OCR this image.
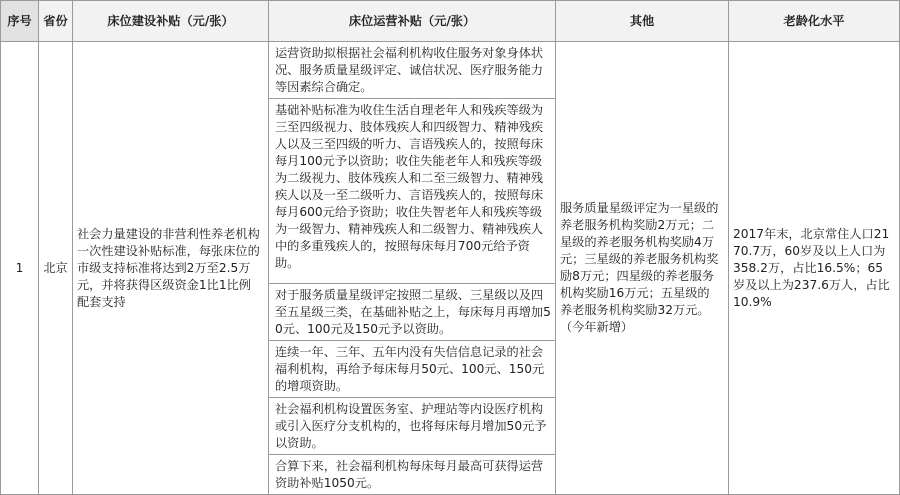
序号	省份	床位建设补贴（元/张）	床位运营补贴（元/张）	其他	老龄化水平
1	北京	社会力量建设的非营利性养老机构一次性建设补贴标准，每张床位的市级支持标准将达到2万至2.5万元，并将获得区级资金1比1比例配套支持	运营资助拟根据社会福利机构收住服务对象身体状况、服务质量星级评定、诚信状况、医疗服务能力等因素综合确定。	服务质量星级评定为一星级的养老服务机构奖励2万元；二星级的养老服务机构奖励4万元；三星级的养老服务机构奖励8万元；四星级的养老服务机构奖励16万元；五星级的养老服务机构奖励32万元。（今年新增）	2017年末，北京常住人口2170.7万，60岁及以上人口为358.2万，占比16.5%；65岁及以上为237.6万人，占比10.9%
			基础补贴标准为收住生活自理老年人和残疾等级为三至四级视力、肢体残疾人和四级智力、精神残疾人以及三至四级的听力、言语残疾人的，按照每床每月100元予以资助；收住失能老年人和残疾等级为二级视力、肢体残疾人和二至三级智力、精神残疾人以及一至二级听力、言语残疾人的，按照每床每月600元给予资助；收住失智老年人和残疾等级为一级智力、精神残疾人和二级智力、精神残疾人中的多重残疾人的，按照每床每月700元给予资助。		
			对于服务质量星级评定按照二星级、三星级以及四至五星级三类，在基础补贴之上，每床每月再增加50元、100元及150元予以资助。		
			连续一年、三年、五年内没有失信信息记录的社会福利机构，再给予每床每月50元、100元、150元的增项资助。		
			社会福利机构设置医务室、护理站等内设医疗机构或引入医疗分支机构的，也将每床每月增加50元予以资助。		
			合算下来，社会福利机构每床每月最高可获得运营资助补贴1050元。		
